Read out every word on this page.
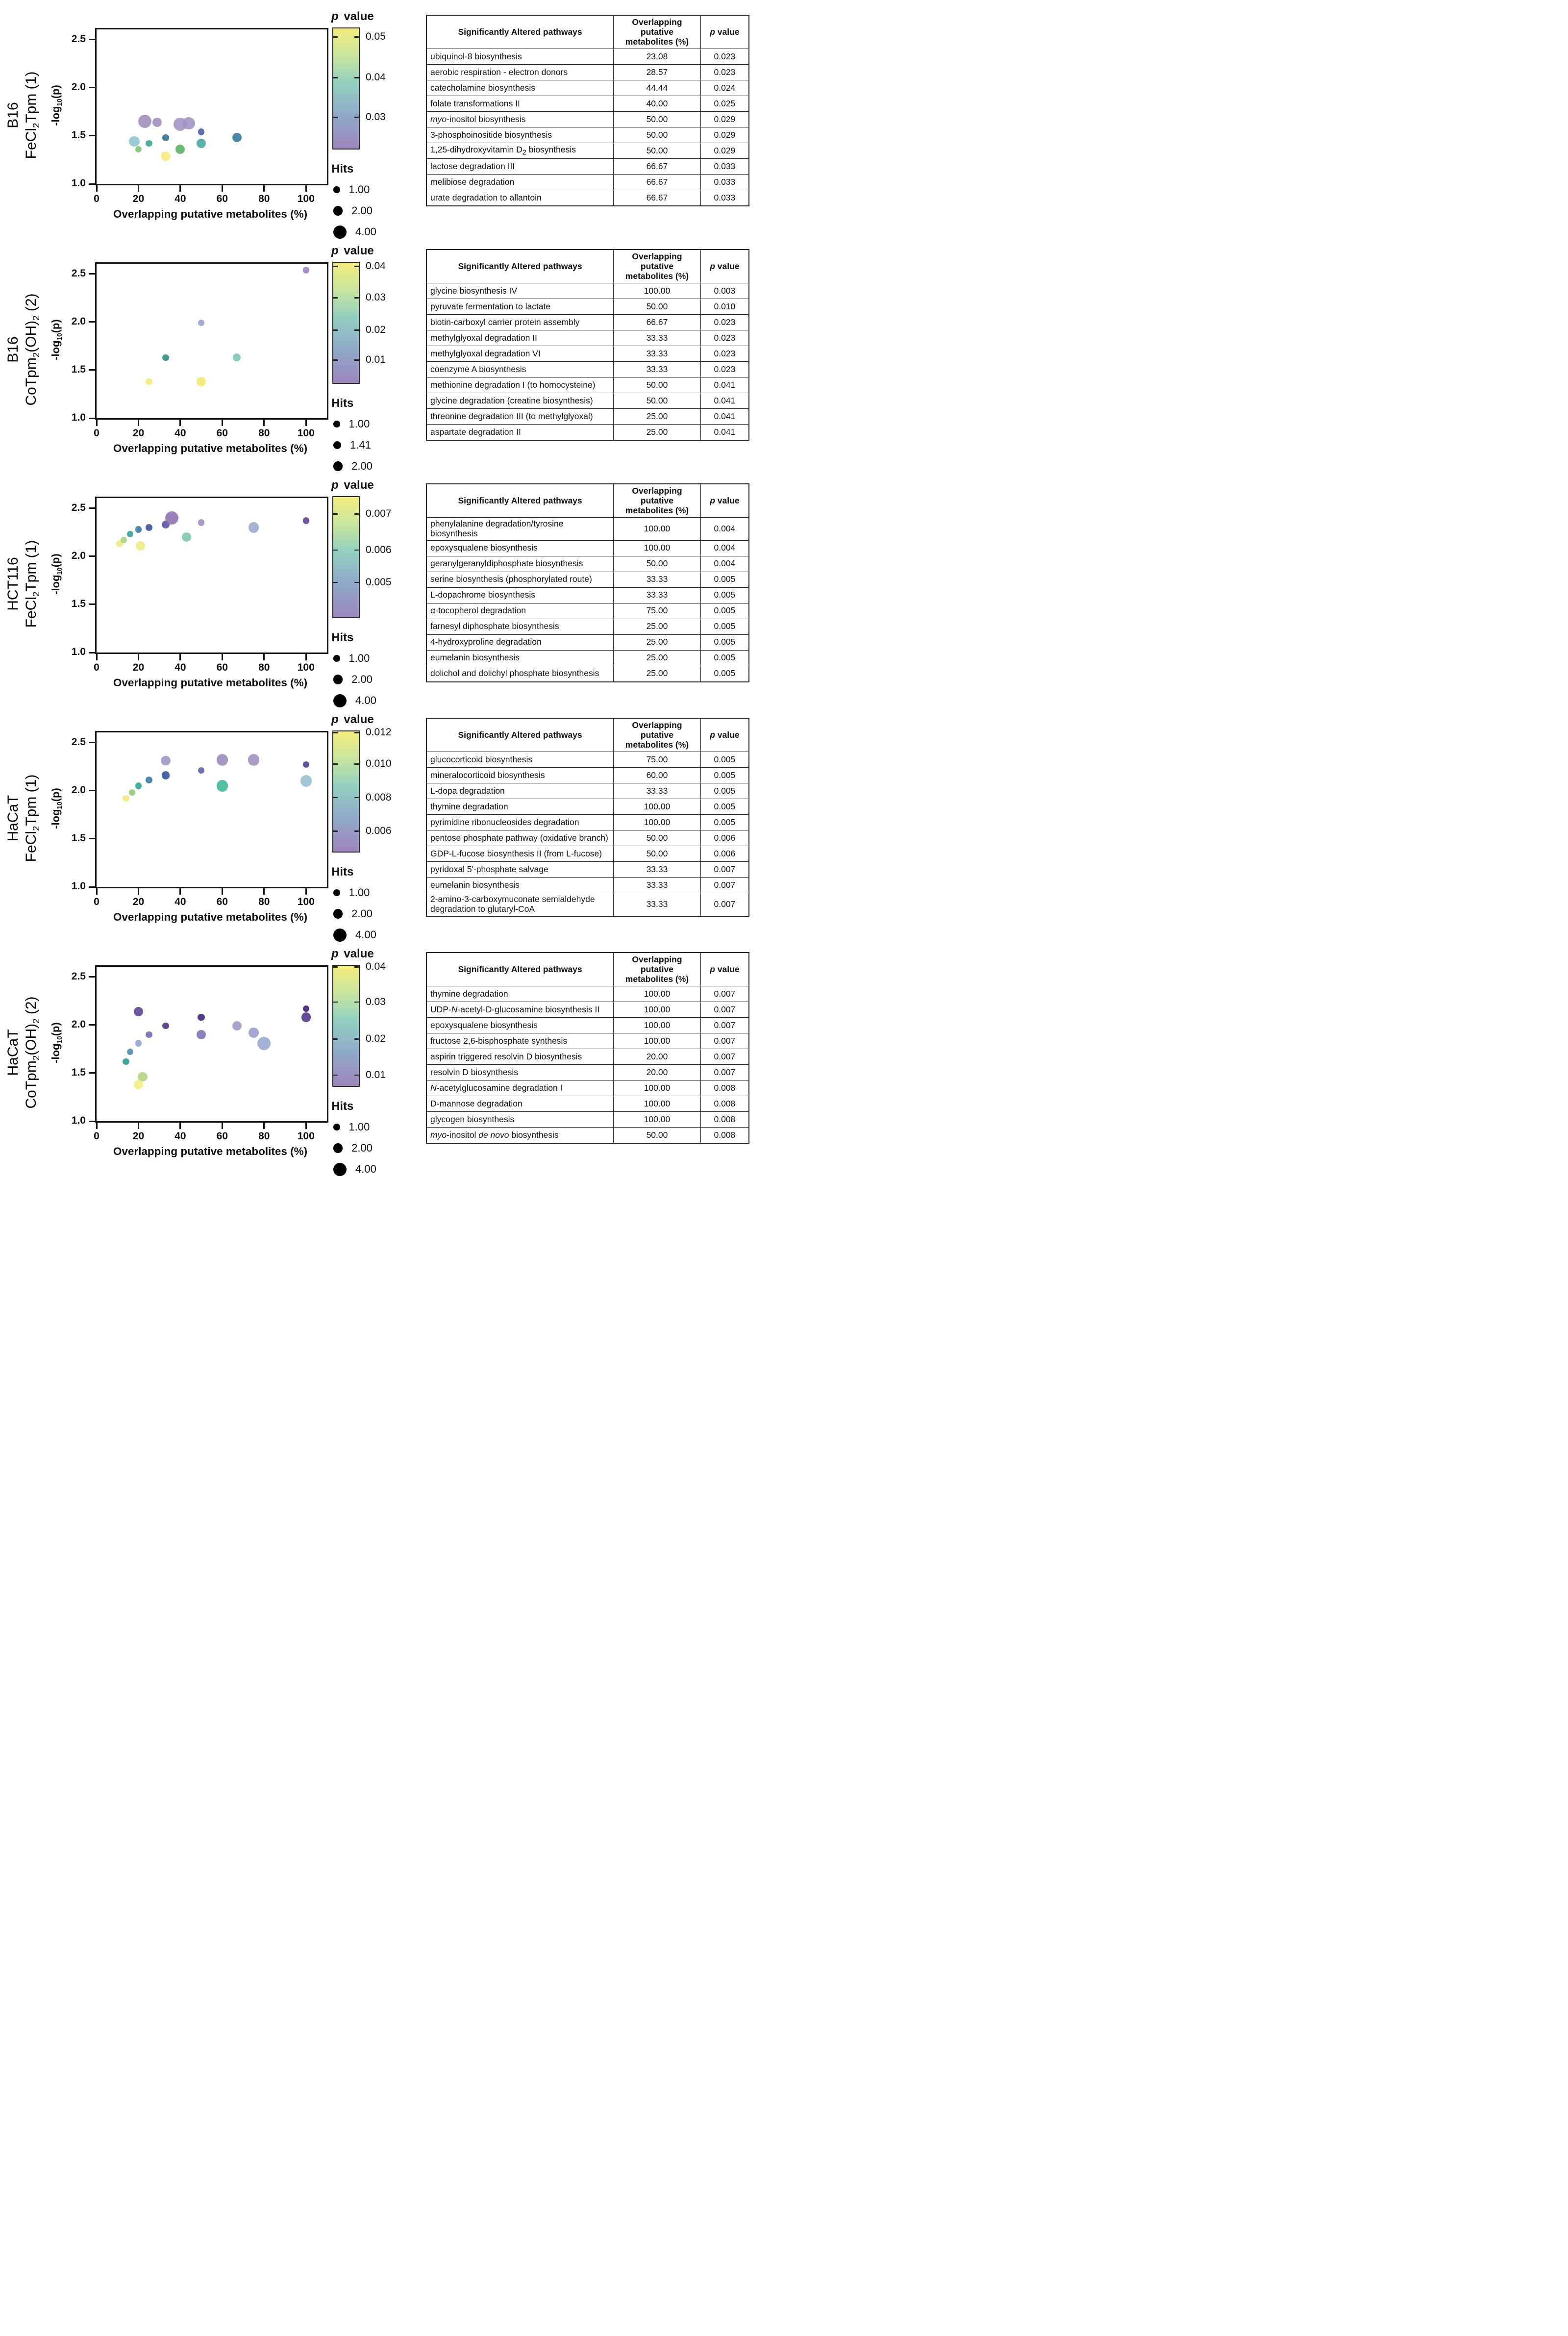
B16
FeCl$_2$Tpm (1) $-\log_{10}(p)$
0	20	40	60	80	100
1.0
1.5
2.0
2.5
Overlapping putative metabolites (%)
p value
0.05
0.04
0.03
Hits
1.00
2.00
4.00
Significantly Altered pathways	Overlapping putative metabolites (%)	p value
ubiquinol-8 biosynthesis	23.08	0.023
aerobic respiration - electron donors	28.57	0.023
catecholamine biosynthesis	44.44	0.024
folate transformations II	40.00	0.025
myo-inositol biosynthesis	50.00	0.029
3-phosphoinositide biosynthesis	50.00	0.029
1,25-dihydroxyvitamin $D_2$ biosynthesis	50.00	0.029
lactose degradation III	66.67	0.033
melibiose degradation	66.67	0.033
urate degradation to allantoin	66.67	0.033
B16
$CoTpm_2(OH)_2$ (2)
$-\log_{10}(p)$
0	20	40	60	80	100
1.0
1.5
2.0
2.5
Overlapping putative metabolites (%)
p value
0.04
0.03
0.02
0.01
Hits
1.00
1.41
2.00
Significantly Altered pathways	Overlapping putative metabolites (%)	p value
glycine biosynthesis IV	100.00	0.003
pyruvate fermentation to lactate	50.00	0.010
biotin-carboxyl carrier protein assembly	66.67	0.023
methylglyoxal degradation II	33.33	0.023
methylglyoxal degradation VI	33.33	0.023
coenzyme A biosynthesis	33.33	0.023
methionine degradation I (to homocysteine)	50.00	0.041
glycine degradation (creatine biosynthesis)	50.00	0.041
threonine degradation III (to methylglyoxal)	25.00	0.041
aspartate degradation II	25.00	0.041
HCT116
FeCl$_2$Tpm (1) $-\log_{10}(p)$
0	20	40	60	80	100
1.0
1.5
2.0
2.5
Overlapping putative metabolites (%)
p value
0.007
0.006
0.005
Hits
1.00
2.00
4.00
Significantly Altered pathways	Overlapping putative metabolites (%)	p value
phenylalanine degradation/tyrosine biosynthesis	100.00	0.004
epoxysqualene biosynthesis	100.00	0.004
geranylgeranyldiphosphate biosynthesis	50.00	0.004
serine biosynthesis (phosphorylated route)	33.33	0.005
L-dopachrome biosynthesis	33.33	0.005
α-tocopherol degradation	75.00	0.005
farnesyl diphosphate biosynthesis	25.00	0.005
4-hydroxyproline degradation	25.00	0.005
eumelanin biosynthesis	25.00	0.005
dolichol and dolichyl phosphate biosynthesis	25.00	0.005
HaCaT
FeCl$_2$Tpm (1) $-\log_{10}(p)$
0	20	40	60	80	100
1.0
1.5
2.0
2.5
Overlapping putative metabolites (%)
p value
0.012
0.010
0.008
0.006
Hits
1.00
2.00
4.00
Significantly Altered pathways	Overlapping putative metabolites (%)	p value
glucocorticoid biosynthesis	75.00	0.005
mineralocorticoid biosynthesis	60.00	0.005
L-dopa degradation	33.33	0.005
thymine degradation	100.00	0.005
pyrimidine ribonucleosides degradation	100.00	0.005
pentose phosphate pathway (oxidative branch)	50.00	0.006
GDP-L-fucose biosynthesis II (from L-fucose)	50.00	0.006
pyridoxal 5'-phosphate salvage	33.33	0.007
eumelanin biosynthesis	33.33	0.007
2-amino-3-carboxymuconate semialdehyde degradation to glutaryl-CoA	33.33	0.007
HaCaT
$CoTpm_2(OH)_2$ (2)
$-\log_{10}(p)$
0	20	40	60	80	100
1.0
1.5
2.0
2.5
Overlapping putative metabolites (%)
p value
0.04
0.03
0.02
0.01
Hits
1.00
2.00
4.00
Significantly Altered pathways	Overlapping putative metabolites (%)	p value
thymine degradation	100.00	0.007
UDP-N-acetyl-D-glucosamine biosynthesis II	100.00	0.007
epoxysqualene biosynthesis	100.00	0.007
fructose 2,6-bisphosphate synthesis	100.00	0.007
aspirin triggered resolvin D biosynthesis	20.00	0.007
resolvin D biosynthesis	20.00	0.007
N-acetylglucosamine degradation I	100.00	0.008
D-mannose degradation	100.00	0.008
glycogen biosynthesis	100.00	0.008
myo-inositol de novo biosynthesis	50.00	0.008
